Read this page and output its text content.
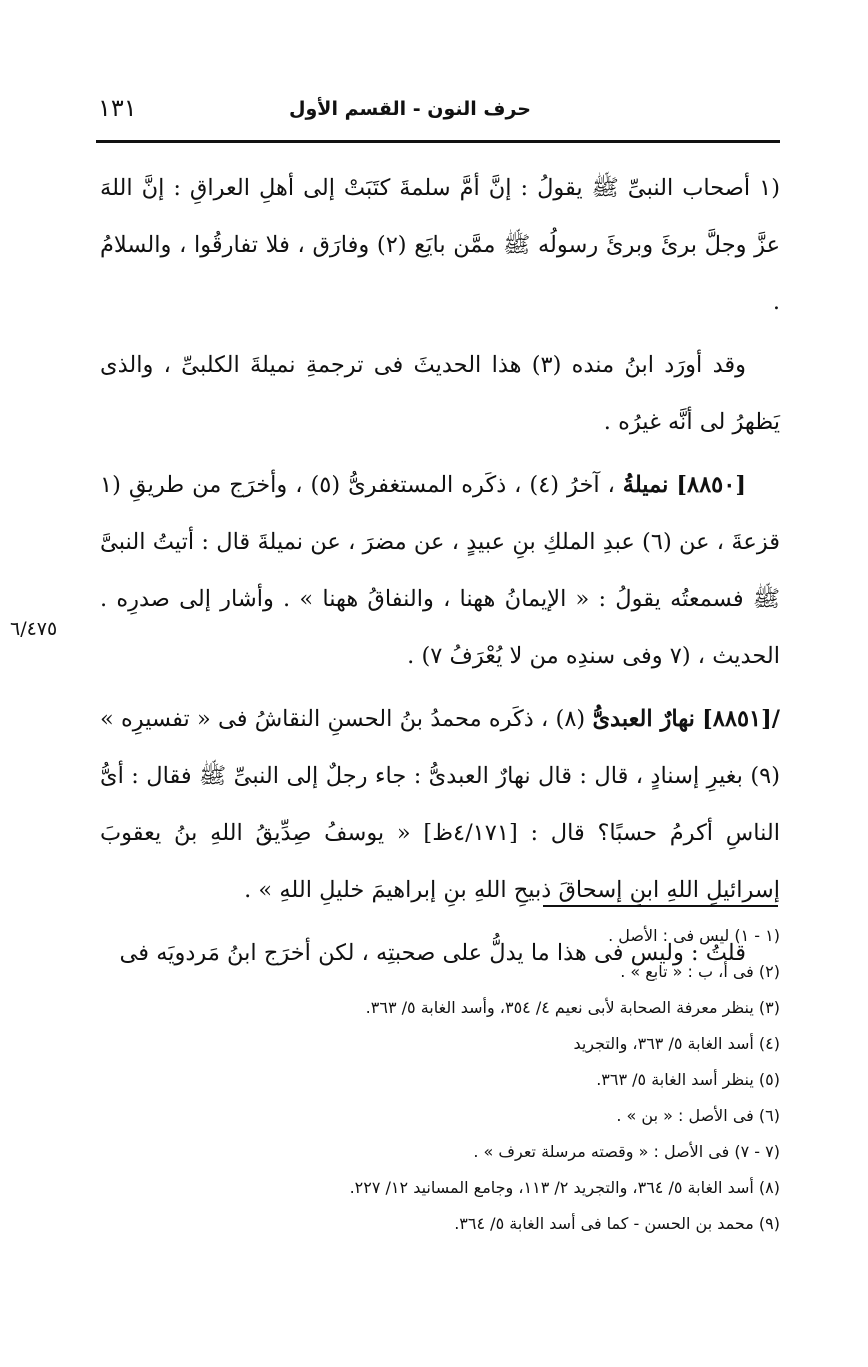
حرف النون - القسم الأول
١٣١

(١ أصحاب النبىِّ ﷺ يقولُ : إنَّ أمَّ سلمةَ كتَبَتْ إلى أهلِ العراقِ : إنَّ اللهَ عزَّ وجلَّ برئَ وبرئَ رسولُه ﷺ ممَّن بايَع (٢) وفارَق ، فلا تفارقُوا ، والسلامُ .

وقد أورَد ابنُ منده (٣) هذا الحديثَ فى ترجمةِ نميلةَ الكلبىِّ ، والذى يَظهرُ لى أنَّه غيرُه .

[٨٨٥٠] نميلةُ ، آخرُ (٤) ، ذكَره المستغفرىُّ (٥) ، وأخرَج من طريقِ (١ قزعةَ ، عن (٦) عبدِ الملكِ بنِ عبيدٍ ، عن مضرَ ، عن نميلةَ قال : أتيتُ النبىَّ ﷺ فسمعتُه يقولُ : « الإيمانُ ههنا ، والنفاقُ ههنا » . وأشار إلى صدرِه . الحديث ، (٧ وفى سندِه من لا يُعْرَفُ ٧) .

/[٨٨٥١] نهارٌ العبدىُّ (٨) ، ذكَره محمدُ بنُ الحسنِ النقاشُ فى « تفسيرِه » (٩) بغيرِ إسنادٍ ، قال : قال نهارٌ العبدىُّ : جاء رجلٌ إلى النبىِّ ﷺ فقال : أىُّ الناسِ أكرمُ حسبًا؟ قال : [٤/١٧١ظ] « يوسفُ صِدِّيقُ اللهِ بنُ يعقوبَ إسرائيلِ اللهِ ابنِ إسحاقَ ذبيحِ اللهِ بنِ إبراهيمَ خليلِ اللهِ » .

قلتُ : وليس فى هذا ما يدلُّ على صحبتِه ، لكن أخرَج ابنُ مَردويَه فى

٦/٤٧٥
(١ - ١) ليس فى : الأصل .
(٢) فى أ، ب : « تابع » .
(٣) ينظر معرفة الصحابة لأبى نعيم ٤/ ٣٥٤، وأسد الغابة ٥/ ٣٦٣.
(٤) أسد الغابة ٥/ ٣٦٣، والتجريد
(٥) ينظر أسد الغابة ٥/ ٣٦٣.
(٦) فى الأصل : « بن » .
(٧ - ٧) فى الأصل : « وقصته مرسلة تعرف » .
(٨) أسد الغابة ٥/ ٣٦٤، والتجريد ٢/ ١١٣، وجامع المسانيد ١٢/ ٢٢٧.
(٩) محمد بن الحسن - كما فى أسد الغابة ٥/ ٣٦٤.
